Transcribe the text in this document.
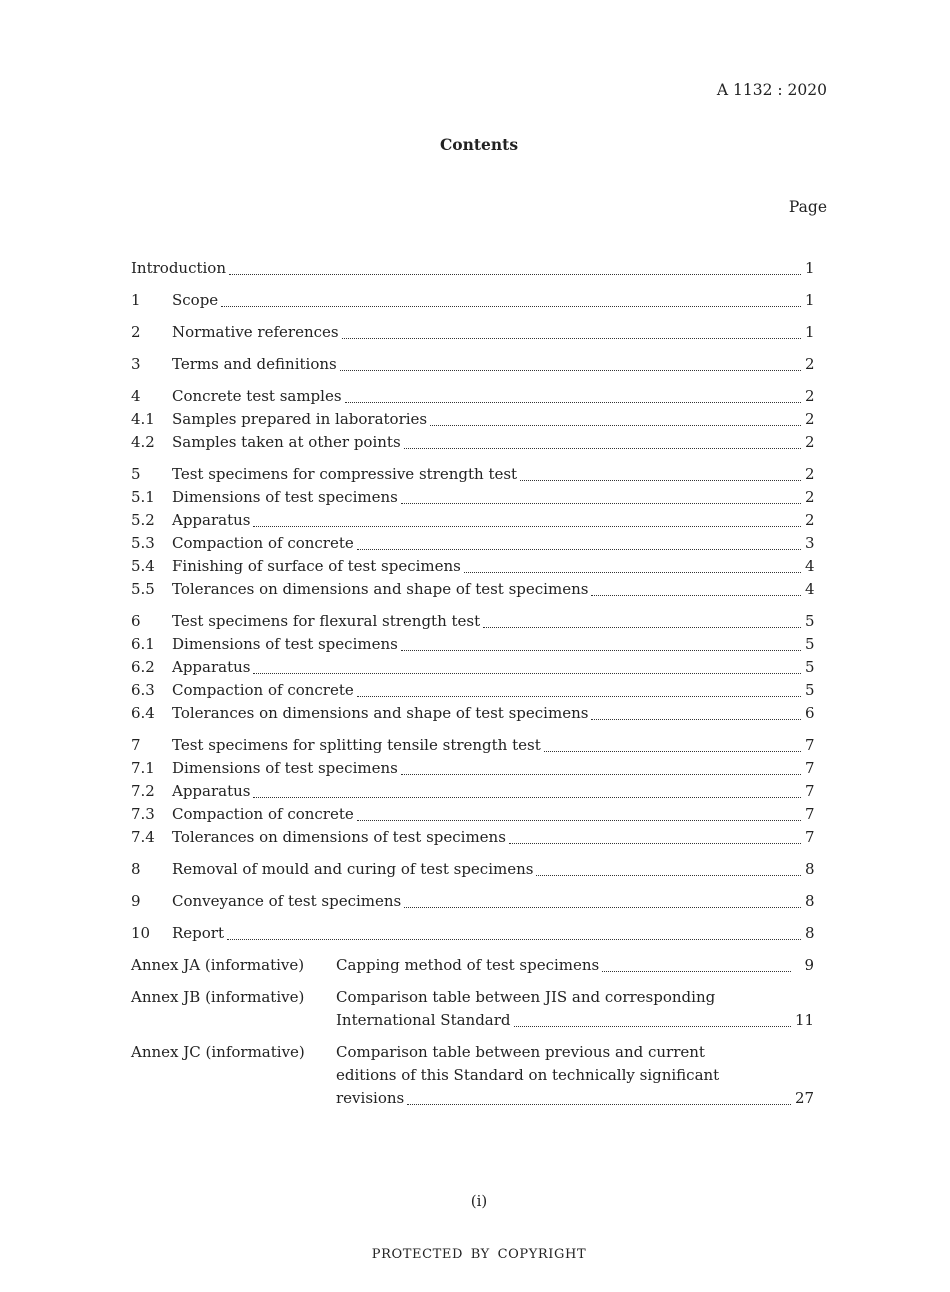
A 1132 : 2020
Contents
Page
Introduction	1
1	Scope	1
2	Normative references	1
3	Terms and definitions	2
4	Concrete test samples	2
4.1	Samples prepared in laboratories	2
4.2	Samples taken at other points	2
5	Test specimens for compressive strength test	2
5.1	Dimensions of test specimens	2
5.2	Apparatus	2
5.3	Compaction of concrete	3
5.4	Finishing of surface of test specimens	4
5.5	Tolerances on dimensions and shape of test specimens	4
6	Test specimens for flexural strength test	5
6.1	Dimensions of test specimens	5
6.2	Apparatus	5
6.3	Compaction of concrete	5
6.4	Tolerances on dimensions and shape of test specimens	6
7	Test specimens for splitting tensile strength test	7
7.1	Dimensions of test specimens	7
7.2	Apparatus	7
7.3	Compaction of concrete	7
7.4	Tolerances on dimensions of test specimens	7
8	Removal of mould and curing of test specimens	8
9	Conveyance of test specimens	8
10	Report	8
Annex JA (informative)	Capping method of test specimens	9
Annex JB (informative)	Comparison table between JIS and corresponding
International Standard	11
Annex JC (informative)	Comparison table between previous and current
editions of this Standard on technically significant
revisions	27
(i)
PROTECTED BY COPYRIGHT
